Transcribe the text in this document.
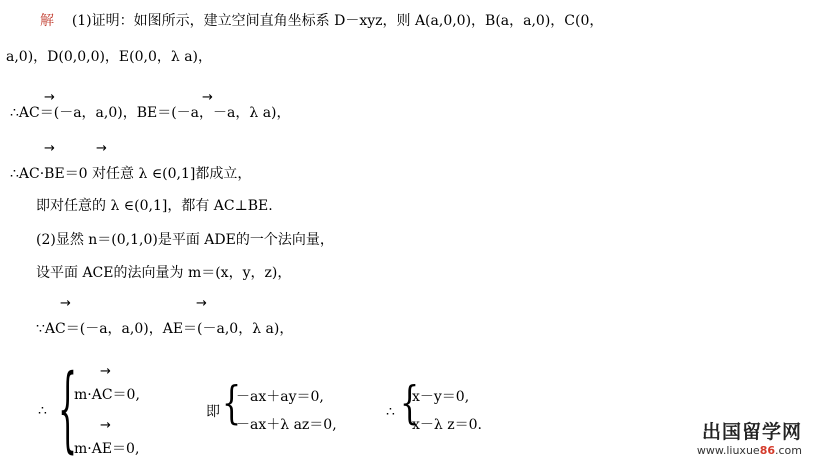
解 (1)证明：如图所示，建立空间直角坐标系 D－xyz，则 A(a,0,0)，B(a，a,0)，C(0，
a,0)，D(0,0,0)，E(0,0，λ a)，
→	→
∴AC＝(－a，a,0)，BE＝(－a，－a，λ a)，
→	→
∴AC·BE＝0 对任意 λ ∈(0,1]都成立，
即对任意的 λ ∈(0,1]，都有 AC⊥BE.
(2)显然 n＝(0,1,0)是平面 ADE的一个法向量，
设平面 ACE的法向量为 m＝(x，y，z)，
→	→
∵AC＝(－a，a,0)，AE＝(－a,0，λ a)，
∴ { →
m·AC＝0,
→
m·AE＝0,
即 {
－ax＋ay＝0,
－ax＋λ az＝0,
∴ {
x－y＝0,
x－λ z＝0.	出国留学网
www.liuxue86.com
